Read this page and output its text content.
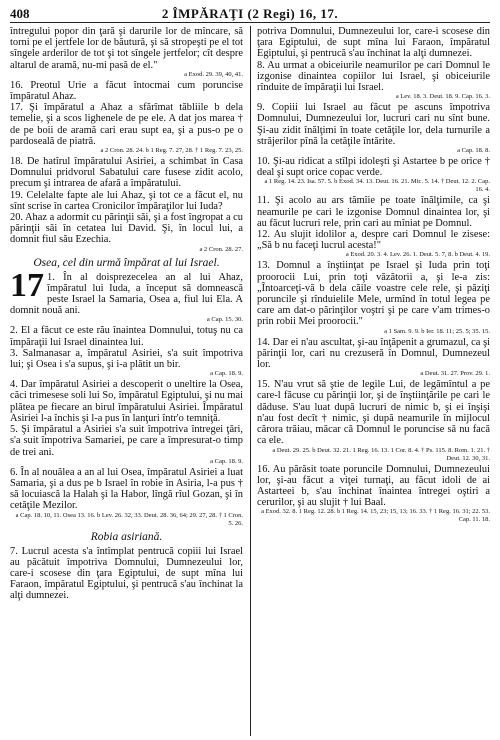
408	2 ÎMPĂRAŢI (2 Regi) 16, 17.

întregului popor din ţară şi darurile lor de mîncare, să torni pe el jertfele lor de băutură, şi să stropeşti pe el tot sîngele arderilor de tot şi tot sîngele jertfelor; cît despre altarul de aramă, nu-mi pasă de el."

a Exod. 29. 39, 40, 41.

16. Preotul Urie a făcut întocmai cum poruncise împăratul Ahaz.

17. Şi împăratul a Ahaz a sfărîmat tăbliile b dela temelie, şi a scos lighenele de pe ele. A dat jos marea † de pe boii de aramă cari erau supt ea, şi a pus-o pe o pardoseală de piatră.

a 2 Cron. 28. 24. b 1 Reg. 7. 27, 28. † 1 Reg. 7. 23, 25.

18. De hatîrul împăratului Asiriei, a schimbat în Casa Domnului pridvorul Sabatului care fusese zidit acolo, precum şi intrarea de afară a împăratului.

19. Celelalte fapte ale lui Ahaz, şi tot ce a făcut el, nu sînt scrise în cartea Cronicilor împăraţilor lui Iuda?

20. Ahaz a adormit cu părinţii săi, şi a fost îngropat a cu părinţii săi în cetatea lui David. Şi, în locul lui, a domnit fiul său Ezechia.

a 2 Cron. 28. 27.

Osea, cel din urmă împărat al lui Israel.

17 1. În al doisprezecelea an al lui Ahaz, împăratul lui Iuda, a început să domnească peste Israel la Samaria, Osea a, fiul lui Ela. A domnit nouă ani.

a Cap. 15. 30.

2. El a făcut ce este rău înaintea Domnului, totuş nu ca împăraţii lui Israel dinaintea lui.

3. Salmanasar a, împăratul Asiriei, s'a suit împotriva lui; şi Osea i s'a supus, şi i-a plătit un bir.

a Cap. 18. 9.

4. Dar împăratul Asiriei a descoperit o uneltire la Osea, căci trimesese soli lui So, împăratul Egiptului, şi nu mai plătea pe fiecare an birul împăratului Asiriei. Împăratul Asiriei l-a închis şi l-a pus în lanţuri într'o temniţă.

5. Şi împăratul a Asiriei s'a suit împotriva întregei ţări, s'a suit împotriva Samariei, pe care a împresurat-o timp de trei ani.

a Cap. 18. 9.

6. În al nouălea a an al lui Osea, împăratul Asiriei a luat Samaria, şi a dus pe b Israel în robie în Asiria, l-a pus † să locuiască la Halah şi la Habor, lîngă rîul Gozan, şi în cetăţile Mezilor.

a Cap. 18. 10, 11. Osea 13. 16. b Lev. 26. 32, 33. Deut. 28. 36, 64; 29. 27, 28. † 1 Cron. 5. 26.

Robia asiriană.

7. Lucrul acesta s'a întîmplat pentrucă copiii lui Israel au păcătuit împotriva Domnului, Dumnezeului lor, care-i scosese din ţara Egiptului, de supt mîna lui Faraon, împăratul Egiptului, şi pentrucă s'au închinat la alţi dumnezei.

potriva Domnului, Dumnezeului lor, care-i scosese din ţara Egiptului, de supt mîna lui Faraon, împăratul Egiptului, şi pentrucă s'au închinat la alţi dumnezei.

8. Au urmat a obiceiurile neamurilor pe cari Domnul le izgonise dinaintea copiilor lui Israel, şi obiceiurile rînduite de împăraţii lui Israel.

a Lev. 18. 3. Deut. 18. 9. Cap. 16. 3.

9. Copiii lui Israel au făcut pe ascuns împotriva Domnului, Dumnezeului lor, lucruri cari nu sînt bune. Şi-au zidit înălţimi în toate cetăţile lor, dela turnurile a străjerilor pînă la cetăţile întărite.

a Cap. 18. 8.

10. Şi-au ridicat a stîlpi idoleşti şi Astartee b pe orice † deal şi supt orice copac verde.

a 1 Reg. 14. 23. Isa. 57. 5. b Exod. 34. 13. Deut. 16. 21. Mic. 5. 14. † Deut. 12. 2. Cap. 16. 4.

11. Şi acolo au ars tămîie pe toate înălţimile, ca şi neamurile pe cari le izgonise Domnul dinaintea lor, şi au făcut lucruri rele, prin cari au mîniat pe Domnul.

12. Au slujit idolilor a, despre cari Domnul le zisese: „Să b nu faceţi lucrul acesta!"

a Exod. 20. 3. 4. Lev. 26. 1. Deut. 5. 7, 8. b Deut. 4. 19.

13. Domnul a înştiinţat pe Israel şi Iuda prin toţi proorocii Lui, prin toţi văzătorii a, şi le-a zis: „Întoarceţi-vă b dela căile voastre cele rele, şi păziţi poruncile şi rînduielile Mele, urmînd în totul legea pe care am dat-o părinţilor voştri şi pe care v'am trimes-o prin robii Mei proorocii."

a 1 Sam. 9. 9. b Ier. 18. 11; 25. 5; 35. 15.

14. Dar ei n'au ascultat, şi-au înţăpenit a grumazul, ca şi părinţii lor, cari nu crezuseră în Domnul, Dumnezeul lor.

a Deut. 31. 27. Prov. 29. 1.

15. N'au vrut să ştie de legile Lui, de legămîntul a pe care-l făcuse cu părinţii lor, şi de înştiinţările pe cari le dăduse. S'au luat după lucruri de nimic b, şi ei înşişi n'au fost decît † nimic, şi după neamurile în mijlocul cărora trăiau, măcar că Domnul le poruncise să nu facă ca ele.

a Deut. 29. 25. b Deut. 32. 21. 1 Reg. 16. 13. 1 Cor. 8. 4. † Ps. 115. 8. Rom. 1. 21. † Deut. 12. 30, 31.

16. Au părăsit toate poruncile Domnului, Dumnezeului lor, şi-au făcut a viţei turnaţi, au făcut idoli de ai Astarteei b, s'au închinat înaintea întregei oştiri a cerurilor, şi au slujit † lui Baal.

a Exod. 32. 8. 1 Reg. 12. 28. b 1 Reg. 14. 15, 23; 15, 13; 16. 33. † 1 Reg. 16. 31; 22. 53. Cap. 11. 18.
